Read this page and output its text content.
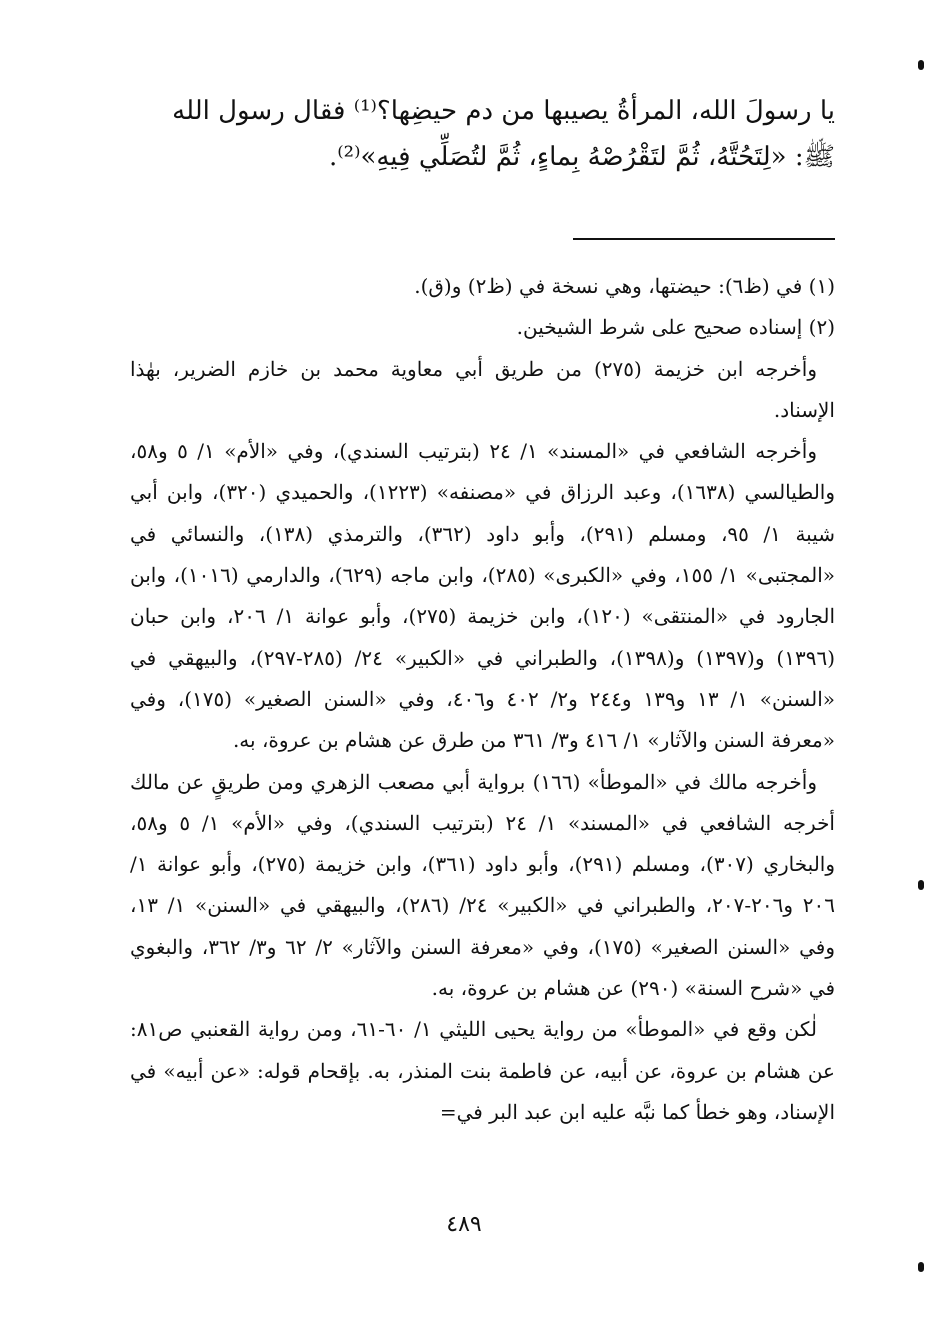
يا رسولَ الله، المرأةُ يصيبها من دم حيضِها؟⁽¹⁾ فقال رسول الله
ﷺ: «لِتَحُتَّهُ، ثُمَّ لتَقْرُصْهُ بِماءٍ، ثُمَّ لتُصَلِّي فِيهِ»⁽²⁾.

(١) في (ظ٦): حيضتها، وهي نسخة في (ظ٢) و(ق).

(٢) إسناده صحيح على شرط الشيخين.

وأخرجه ابن خزيمة (٢٧٥) من طريق أبي معاوية محمد بن خازم الضرير، بهٰذا الإسناد.

وأخرجه الشافعي في «المسند» ١/ ٢٤ (بترتيب السندي)، وفي «الأم» ١/ ٥ و٥٨، والطيالسي (١٦٣٨)، وعبد الرزاق في «مصنفه» (١٢٢٣)، والحميدي (٣٢٠)، وابن أبي شيبة ١/ ٩٥، ومسلم (٢٩١)، وأبو داود (٣٦٢)، والترمذي (١٣٨)، والنسائي في «المجتبى» ١/ ١٥٥، وفي «الكبرى» (٢٨٥)، وابن ماجه (٦٢٩)، والدارمي (١٠١٦)، وابن الجارود في «المنتقى» (١٢٠)، وابن خزيمة (٢٧٥)، وأبو عوانة ١/ ٢٠٦، وابن حبان (١٣٩٦) و(١٣٩٧) و(١٣٩٨)، والطبراني في «الكبير» ٢٤/ (٢٨٥-٢٩٧)، والبيهقي في «السنن» ١/ ١٣ و١٣٩ و٢٤٤ و٢/ ٤٠٢ و٤٠٦، وفي «السنن الصغير» (١٧٥)، وفي «معرفة السنن والآثار» ١/ ٤١٦ و٣/ ٣٦١ من طرق عن هشام بن عروة، به.

وأخرجه مالك في «الموطأ» (١٦٦) برواية أبي مصعب الزهري ومن طريقٍ عن مالك أخرجه الشافعي في «المسند» ١/ ٢٤ (بترتيب السندي)، وفي «الأم» ١/ ٥ و٥٨، والبخاري (٣٠٧)، ومسلم (٢٩١)، وأبو داود (٣٦١)، وابن خزيمة (٢٧٥)، وأبو عوانة ١/ ٢٠٦ و٢٠٦-٢٠٧، والطبراني في «الكبير» ٢٤/ (٢٨٦)، والبيهقي في «السنن» ١/ ١٣، وفي «السنن الصغير» (١٧٥)، وفي «معرفة السنن والآثار» ٢/ ٦٢ و٣/ ٣٦٢، والبغوي في «شرح السنة» (٢٩٠) عن هشام بن عروة، به.

لٰكن وقع في «الموطأ» من رواية يحيى الليثي ١/ ٦٠-٦١، ومن رواية القعنبي ص٨١: عن هشام بن عروة، عن أبيه، عن فاطمة بنت المنذر، به. بإقحام قوله: «عن أبيه» في الإسناد، وهو خطأ كما نبَّه عليه ابن عبد البر في=

٤٨٩
